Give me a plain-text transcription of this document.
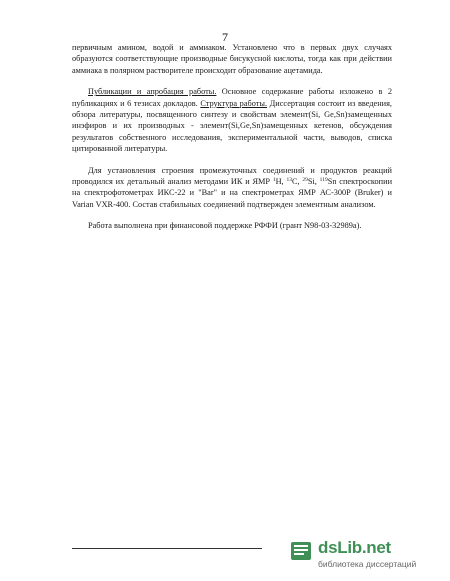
7

первичным амином, водой и аммиаком. Установлено что в первых двух случаях образуются соответствующие производные бисукусной кислоты, тогда как при действии аммиака в полярном растворителе происходит образование ацетамида.

Публикации и апробация работы. Основное содержание работы изложено в 2 публикациях и 6 тезисах докладов. Структура работы. Диссертация состоит из введения, обзора литературы, посвященного синтезу и свойствам элемент(Si, Ge,Sn)замещенных инэфиров и их производных - элемент(Si,Ge,Sn)замещенных кетенов, обсуждения результатов собственного исследования, экспериментальной части, выводов, списка цитированной литературы.

Для установления строения промежуточных соединений и продуктов реакций проводился их детальный анализ методами ИК и ЯМР $^1$Н, $^{13}$С, $^{29}$Si, $^{119}$Sn спектроскопии на спектрофотометрах ИКС-22 и "Bar" и на спектрометрах ЯМР АС-300Р (Bruker) и Varian VXR-400. Состав стабильных соединений подтвержден элементным анализом.

Работа выполнена при финансовой поддержке РФФИ (грант N98-03-32989а).

dsLib.net
библиотека диссертаций
